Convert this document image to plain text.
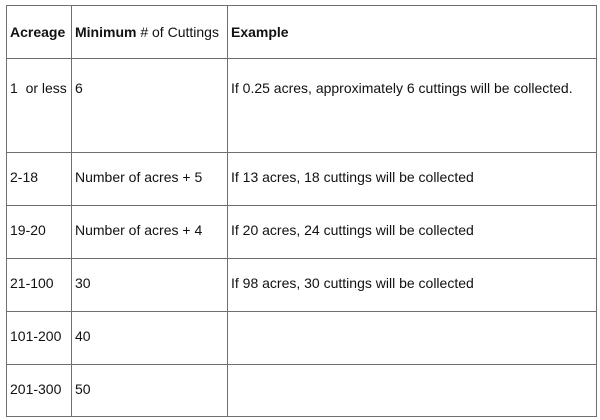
Acreage	Minimum # of Cuttings	Example
1  or less	6	If 0.25 acres, approximately 6 cuttings will be collected.
2-18	Number of acres + 5	If 13 acres, 18 cuttings will be collected
19-20	Number of acres + 4	If 20 acres, 24 cuttings will be collected
21-100	30	If 98 acres, 30 cuttings will be collected
101-200	40	
201-300	50	
